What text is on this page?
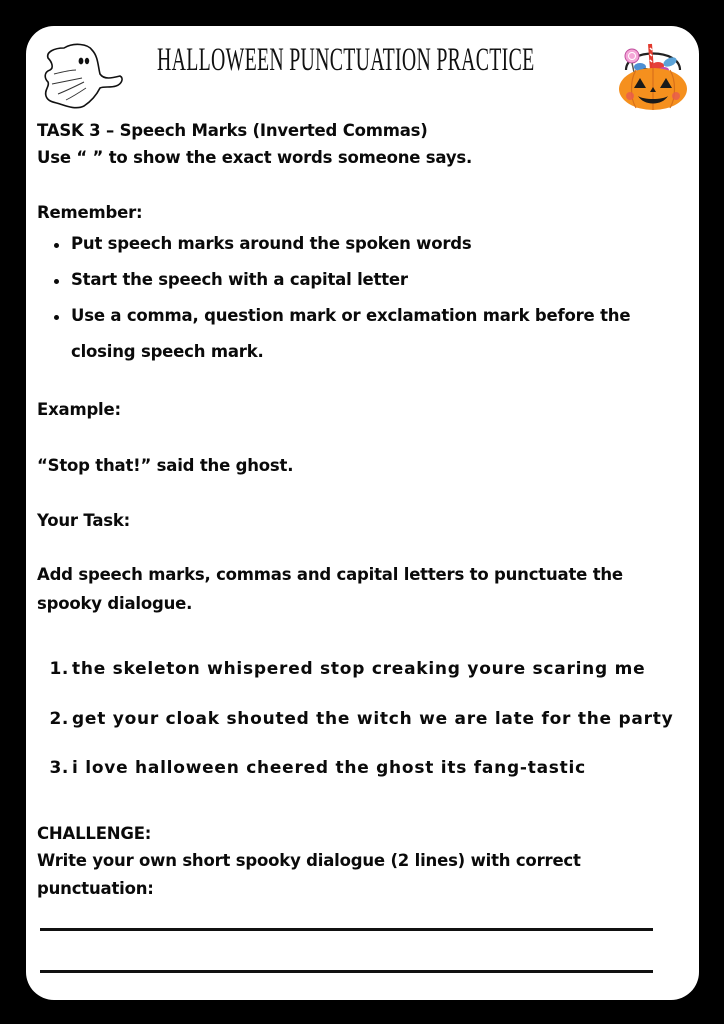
HALLOWEEN PUNCTUATION PRACTICE
TASK 3 – Speech Marks (Inverted Commas)
Use “ ” to show the exact words someone says.
Remember:
Put speech marks around the spoken words
Start the speech with a capital letter
Use a comma, question mark or exclamation mark before the
closing speech mark.
Example:
“Stop that!” said the ghost.
Your Task:
Add speech marks, commas and capital letters to punctuate the
spooky dialogue.
1. the skeleton whispered stop creaking youre scaring me
2. get your cloak shouted the witch we are late for the party
3. i love halloween cheered the ghost its fang-tastic
CHALLENGE:
Write your own short spooky dialogue (2 lines) with correct
punctuation:
